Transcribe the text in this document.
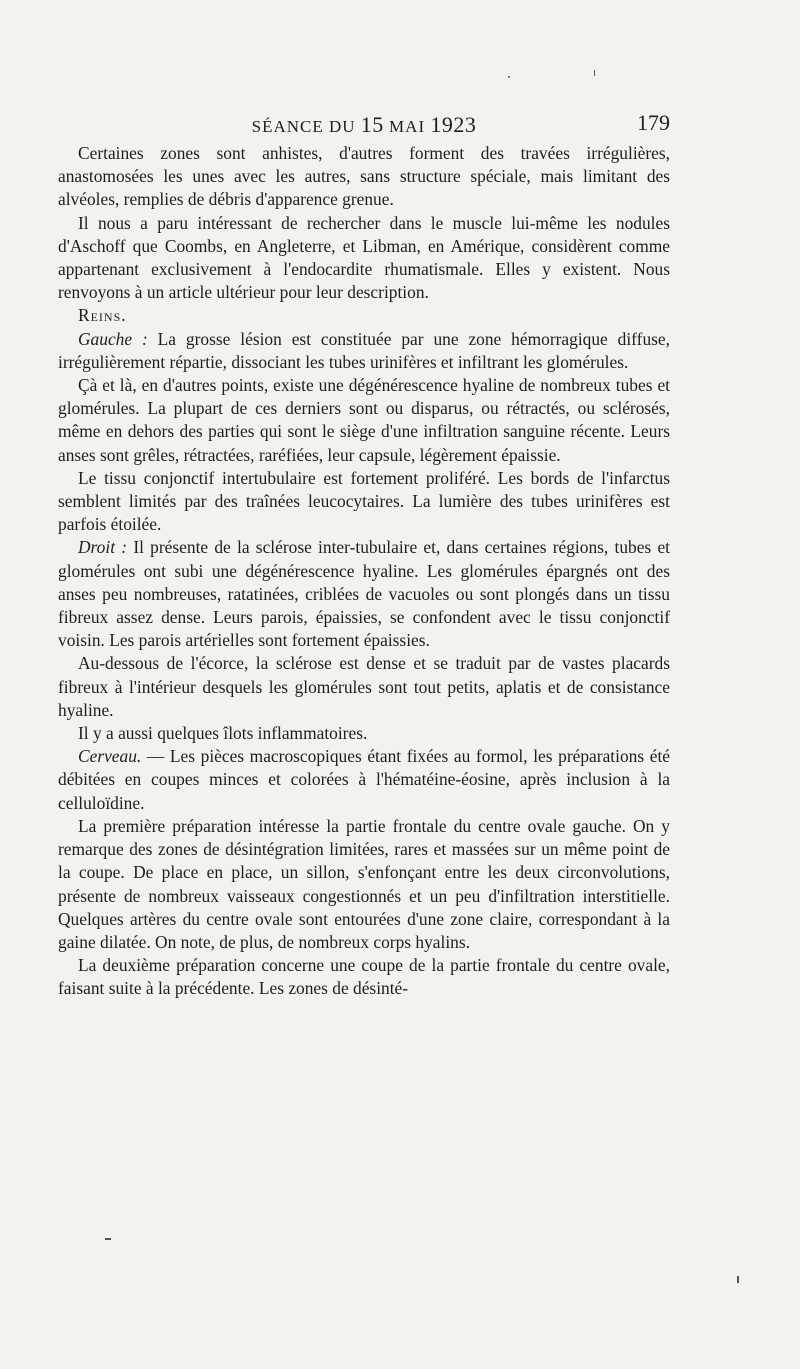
SÉANCE DU 15 MAI 1923	179

Certaines zones sont anhistes, d'autres forment des travées irrégulières, anastomosées les unes avec les autres, sans structure spéciale, mais limitant des alvéoles, remplies de débris d'apparence grenue.

Il nous a paru intéressant de rechercher dans le muscle lui-même les nodules d'Aschoff que Coombs, en Angleterre, et Libman, en Amérique, considèrent comme appartenant exclusivement à l'endocardite rhumatismale. Elles y existent. Nous renvoyons à un article ultérieur pour leur description.

Reins.

Gauche : La grosse lésion est constituée par une zone hémorragique diffuse, irrégulièrement répartie, dissociant les tubes urinifères et infiltrant les glomérules.

Çà et là, en d'autres points, existe une dégénérescence hyaline de nombreux tubes et glomérules. La plupart de ces derniers sont ou disparus, ou rétractés, ou sclérosés, même en dehors des parties qui sont le siège d'une infiltration sanguine récente. Leurs anses sont grêles, rétractées, raréfiées, leur capsule, légèrement épaissie.

Le tissu conjonctif intertubulaire est fortement proliféré. Les bords de l'infarctus semblent limités par des traînées leucocytaires. La lumière des tubes urinifères est parfois étoilée.

Droit : Il présente de la sclérose inter-tubulaire et, dans certaines régions, tubes et glomérules ont subi une dégénérescence hyaline. Les glomérules épargnés ont des anses peu nombreuses, ratatinées, criblées de vacuoles ou sont plongés dans un tissu fibreux assez dense. Leurs parois, épaissies, se confondent avec le tissu conjonctif voisin. Les parois artérielles sont fortement épaissies.

Au-dessous de l'écorce, la sclérose est dense et se traduit par de vastes placards fibreux à l'intérieur desquels les glomérules sont tout petits, aplatis et de consistance hyaline.

Il y a aussi quelques îlots inflammatoires.

Cerveau. — Les pièces macroscopiques étant fixées au formol, les préparations été débitées en coupes minces et colorées à l'hématéine-éosine, après inclusion à la celluloïdine.

La première préparation intéresse la partie frontale du centre ovale gauche. On y remarque des zones de désintégration limitées, rares et massées sur un même point de la coupe. De place en place, un sillon, s'enfonçant entre les deux circonvolutions, présente de nombreux vaisseaux congestionnés et un peu d'infiltration interstitielle. Quelques artères du centre ovale sont entourées d'une zone claire, correspondant à la gaine dilatée. On note, de plus, de nombreux corps hyalins.

La deuxième préparation concerne une coupe de la partie frontale du centre ovale, faisant suite à la précédente. Les zones de désinté-
